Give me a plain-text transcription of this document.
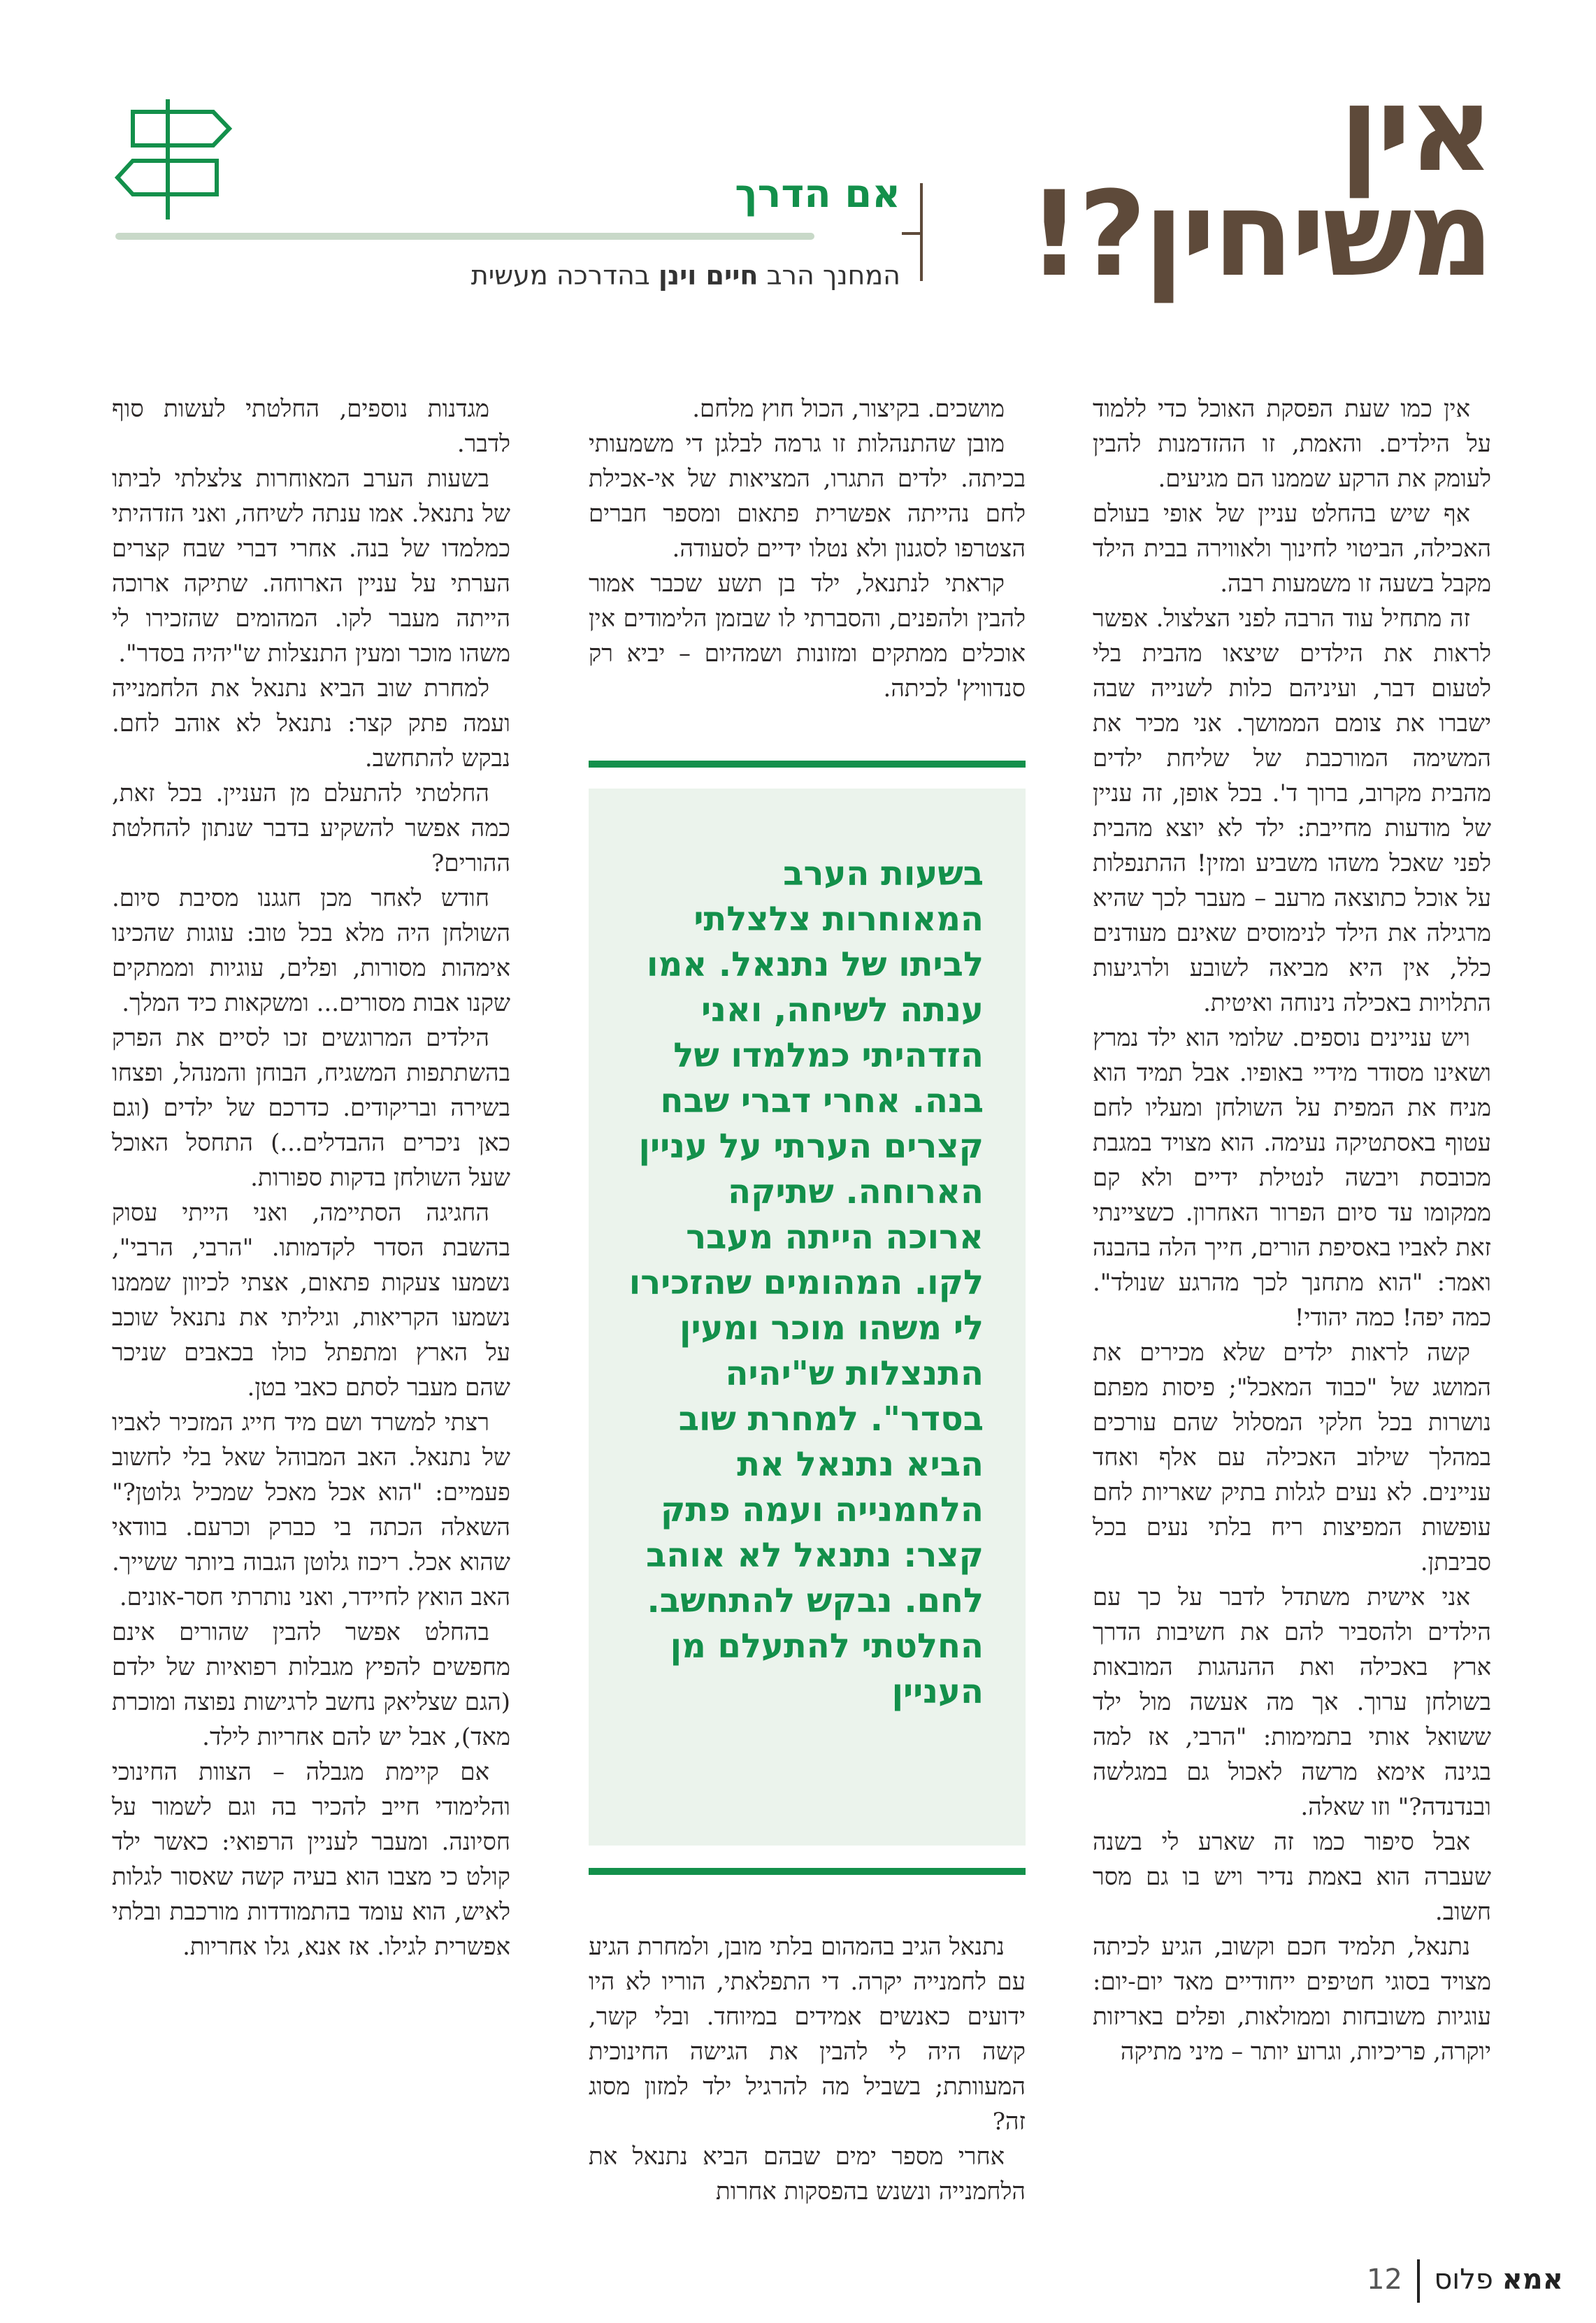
אין
משיחין?!
אם הדרך
המחנך הרב חיים וינן בהדרכה מעשית

אין כמו שעת הפסקת האוכל כדי ללמוד על הילדים. והאמת, זו ההזדמנות להבין לעומק את הרקע שממנו הם מגיעים.

אף שיש בהחלט עניין של אופי בעולם האכילה, הביטוי לחינוך ולאווירה בבית הילד מקבל בשעה זו משמעות רבה.

זה מתחיל עוד הרבה לפני הצלצול. אפשר לראות את הילדים שיצאו מהבית בלי לטעום דבר, ועיניהם כלות לשנייה שבה ישברו את צומם הממושך. אני מכיר את המשימה המורכבת של שליחת ילדים מהבית מקרוב, ברוך ד'. בכל אופן, זה עניין של מודעות מחייבת: ילד לא יוצא מהבית לפני שאכל משהו משביע ומזין! ההתנפלות על אוכל כתוצאה מרעב – מעבר לכך שהיא מרגילה את הילד לנימוסים שאינם מעודנים כלל, אין היא מביאה לשובע ולרגיעות התלויות באכילה נינוחה ואיטית.

ויש עניינים נוספים. שלומי הוא ילד נמרץ ושאינו מסודר מידיי באופיו. אבל תמיד הוא מניח את המפית על השולחן ומעליו לחם עטוף באסתטיקה נעימה. הוא מצויד במגבת מכובסת ויבשה לנטילת ידיים ולא קם ממקומו עד סיום הפרור האחרון. כשציינתי זאת לאביו באסיפת הורים, חייך הלה בהבנה ואמר: "הוא מתחנך לכך מהרגע שנולד". כמה יפה! כמה יהודי!

קשה לראות ילדים שלא מכירים את המושג של "כבוד המאכל"; פיסות מפתם נושרות בכל חלקי המסלול שהם עורכים במהלך שילוב האכילה עם אלף ואחד עניינים. לא נעים לגלות בתיק שאריות לחם עופשות המפיצות ריח בלתי נעים בכל סביבתן.

אני אישית משתדל לדבר על כך עם הילדים ולהסביר להם את חשיבות הדרך ארץ באכילה ואת ההנהגות המובאות בשולחן ערוך. אך מה אעשה מול ילד ששואל אותי בתמימות: "הרבי, אז למה בגינה אימא מרשה לאכול גם במגלשה ובנדנדה?" וזו שאלה.

אבל סיפור כמו זה שארע לי בשנה שעברה הוא באמת נדיר ויש בו גם מסר חשוב.

נתנאל, תלמיד חכם וקשוב, הגיע לכיתה מצויד בסוגי חטיפים ייחודיים מאד יום-יום: עוגיות משובחות וממולאות, ופלים באריזות יוקרה, פריכיות, וגרוע יותר – מיני מתיקה

מושכים. בקיצור, הכול חוץ מלחם.

מובן שהתנהלות זו גרמה לבלגן די משמעותי בכיתה. ילדים התגרו, המציאות של אי-אכילת לחם נהייתה אפשרית פתאום ומספר חברים הצטרפו לסגנון ולא נטלו ידיים לסעודה.

קראתי לנתנאל, ילד בן תשע שכבר אמור להבין ולהפנים, והסברתי לו שבזמן הלימודים אין אוכלים ממתקים ומזונות ושמהיום – יביא רק סנדוויץ' לכיתה.

בשעות הערב המאוחרות צלצלתי לביתו של נתנאל. אמו ענתה לשיחה, ואני הזדהיתי כמלמדו של בנה. אחרי דברי שבח קצרים הערתי על עניין הארוחה. שתיקה ארוכה הייתה מעבר לקו. המהומים שהזכירו לי משהו מוכר ומעין התנצלות ש"יהיה בסדר". למחרת שוב הביא נתנאל את הלחמנייה ועמה פתק קצר: נתנאל לא אוהב לחם. נבקש להתחשב. החלטתי להתעלם מן העניין

נתנאל הגיב בהמהום בלתי מובן, ולמחרת הגיע עם לחמנייה יקרה. די התפלאתי, הוריו לא היו ידועים כאנשים אמידים במיוחד. ובלי קשר, קשה היה לי להבין את הגישה החינוכית המעוותת; בשביל מה להרגיל ילד למזון מסוג זה?

אחרי מספר ימים שבהם הביא נתנאל את הלחמנייה ונשנש בהפסקות אחרות

מגדנות נוספים, החלטתי לעשות סוף לדבר.

בשעות הערב המאוחרות צלצלתי לביתו של נתנאל. אמו ענתה לשיחה, ואני הזדהיתי כמלמדו של בנה. אחרי דברי שבח קצרים הערתי על עניין הארוחה. שתיקה ארוכה הייתה מעבר לקו. המהומים שהזכירו לי משהו מוכר ומעין התנצלות ש"יהיה בסדר".

למחרת שוב הביא נתנאל את הלחמנייה ועמה פתק קצר: נתנאל לא אוהב לחם. נבקש להתחשב.

החלטתי להתעלם מן העניין. בכל זאת, כמה אפשר להשקיע בדבר שנתון להחלטת ההורים?

חודש לאחר מכן חגגנו מסיבת סיום. השולחן היה מלא בכל טוב: עוגות שהכינו אימהות מסורות, ופלים, עוגיות וממתקים שקנו אבות מסורים... ומשקאות כיד המלך.

הילדים המרוגשים זכו לסיים את הפרק בהשתתפות המשגיח, הבוחן והמנהל, ופצחו בשירה ובריקודים. כדרכם של ילדים (וגם כאן ניכרים ההבדלים...) התחסל האוכל שעל השולחן בדקות ספורות.

החגיגה הסתיימה, ואני הייתי עסוק בהשבת הסדר לקדמותו. "הרבי, הרבי", נשמעו צעקות פתאום, אצתי לכיוון שממנו נשמעו הקריאות, וגיליתי את נתנאל שוכב על הארץ ומתפתל כולו בכאבים שניכר שהם מעבר לסתם כאבי בטן.

רצתי למשרד ושם מיד חייג המזכיר לאביו של נתנאל. האב המבוהל שאל בלי לחשוב פעמיים: "הוא אכל מאכל שמכיל גלוטן?" השאלה הכתה בי כברק וכרעם. בוודאי שהוא אכל. ריכוז גלוטן הגבוה ביותר ששייך. האב הואץ לחיידר, ואני נותרתי חסר-אונים.

בהחלט אפשר להבין שהורים אינם מחפשים להפיץ מגבלות רפואיות של ילדם (הגם שצליאק נחשב לרגישות נפוצה ומוכרת מאד), אבל יש להם אחריות לילד.

אם קיימת מגבלה – הצוות החינוכי והלימודי חייב להכיר בה וגם לשמור על חסיונה. ומעבר לעניין הרפואי: כאשר ילד קולט כי מצבו הוא בעיה קשה שאסור לגלות לאיש, הוא עומד בהתמודדות מורכבת ובלתי אפשרית לגילו. אז אנא, גלו אחריות.

אמא פלוס  12
